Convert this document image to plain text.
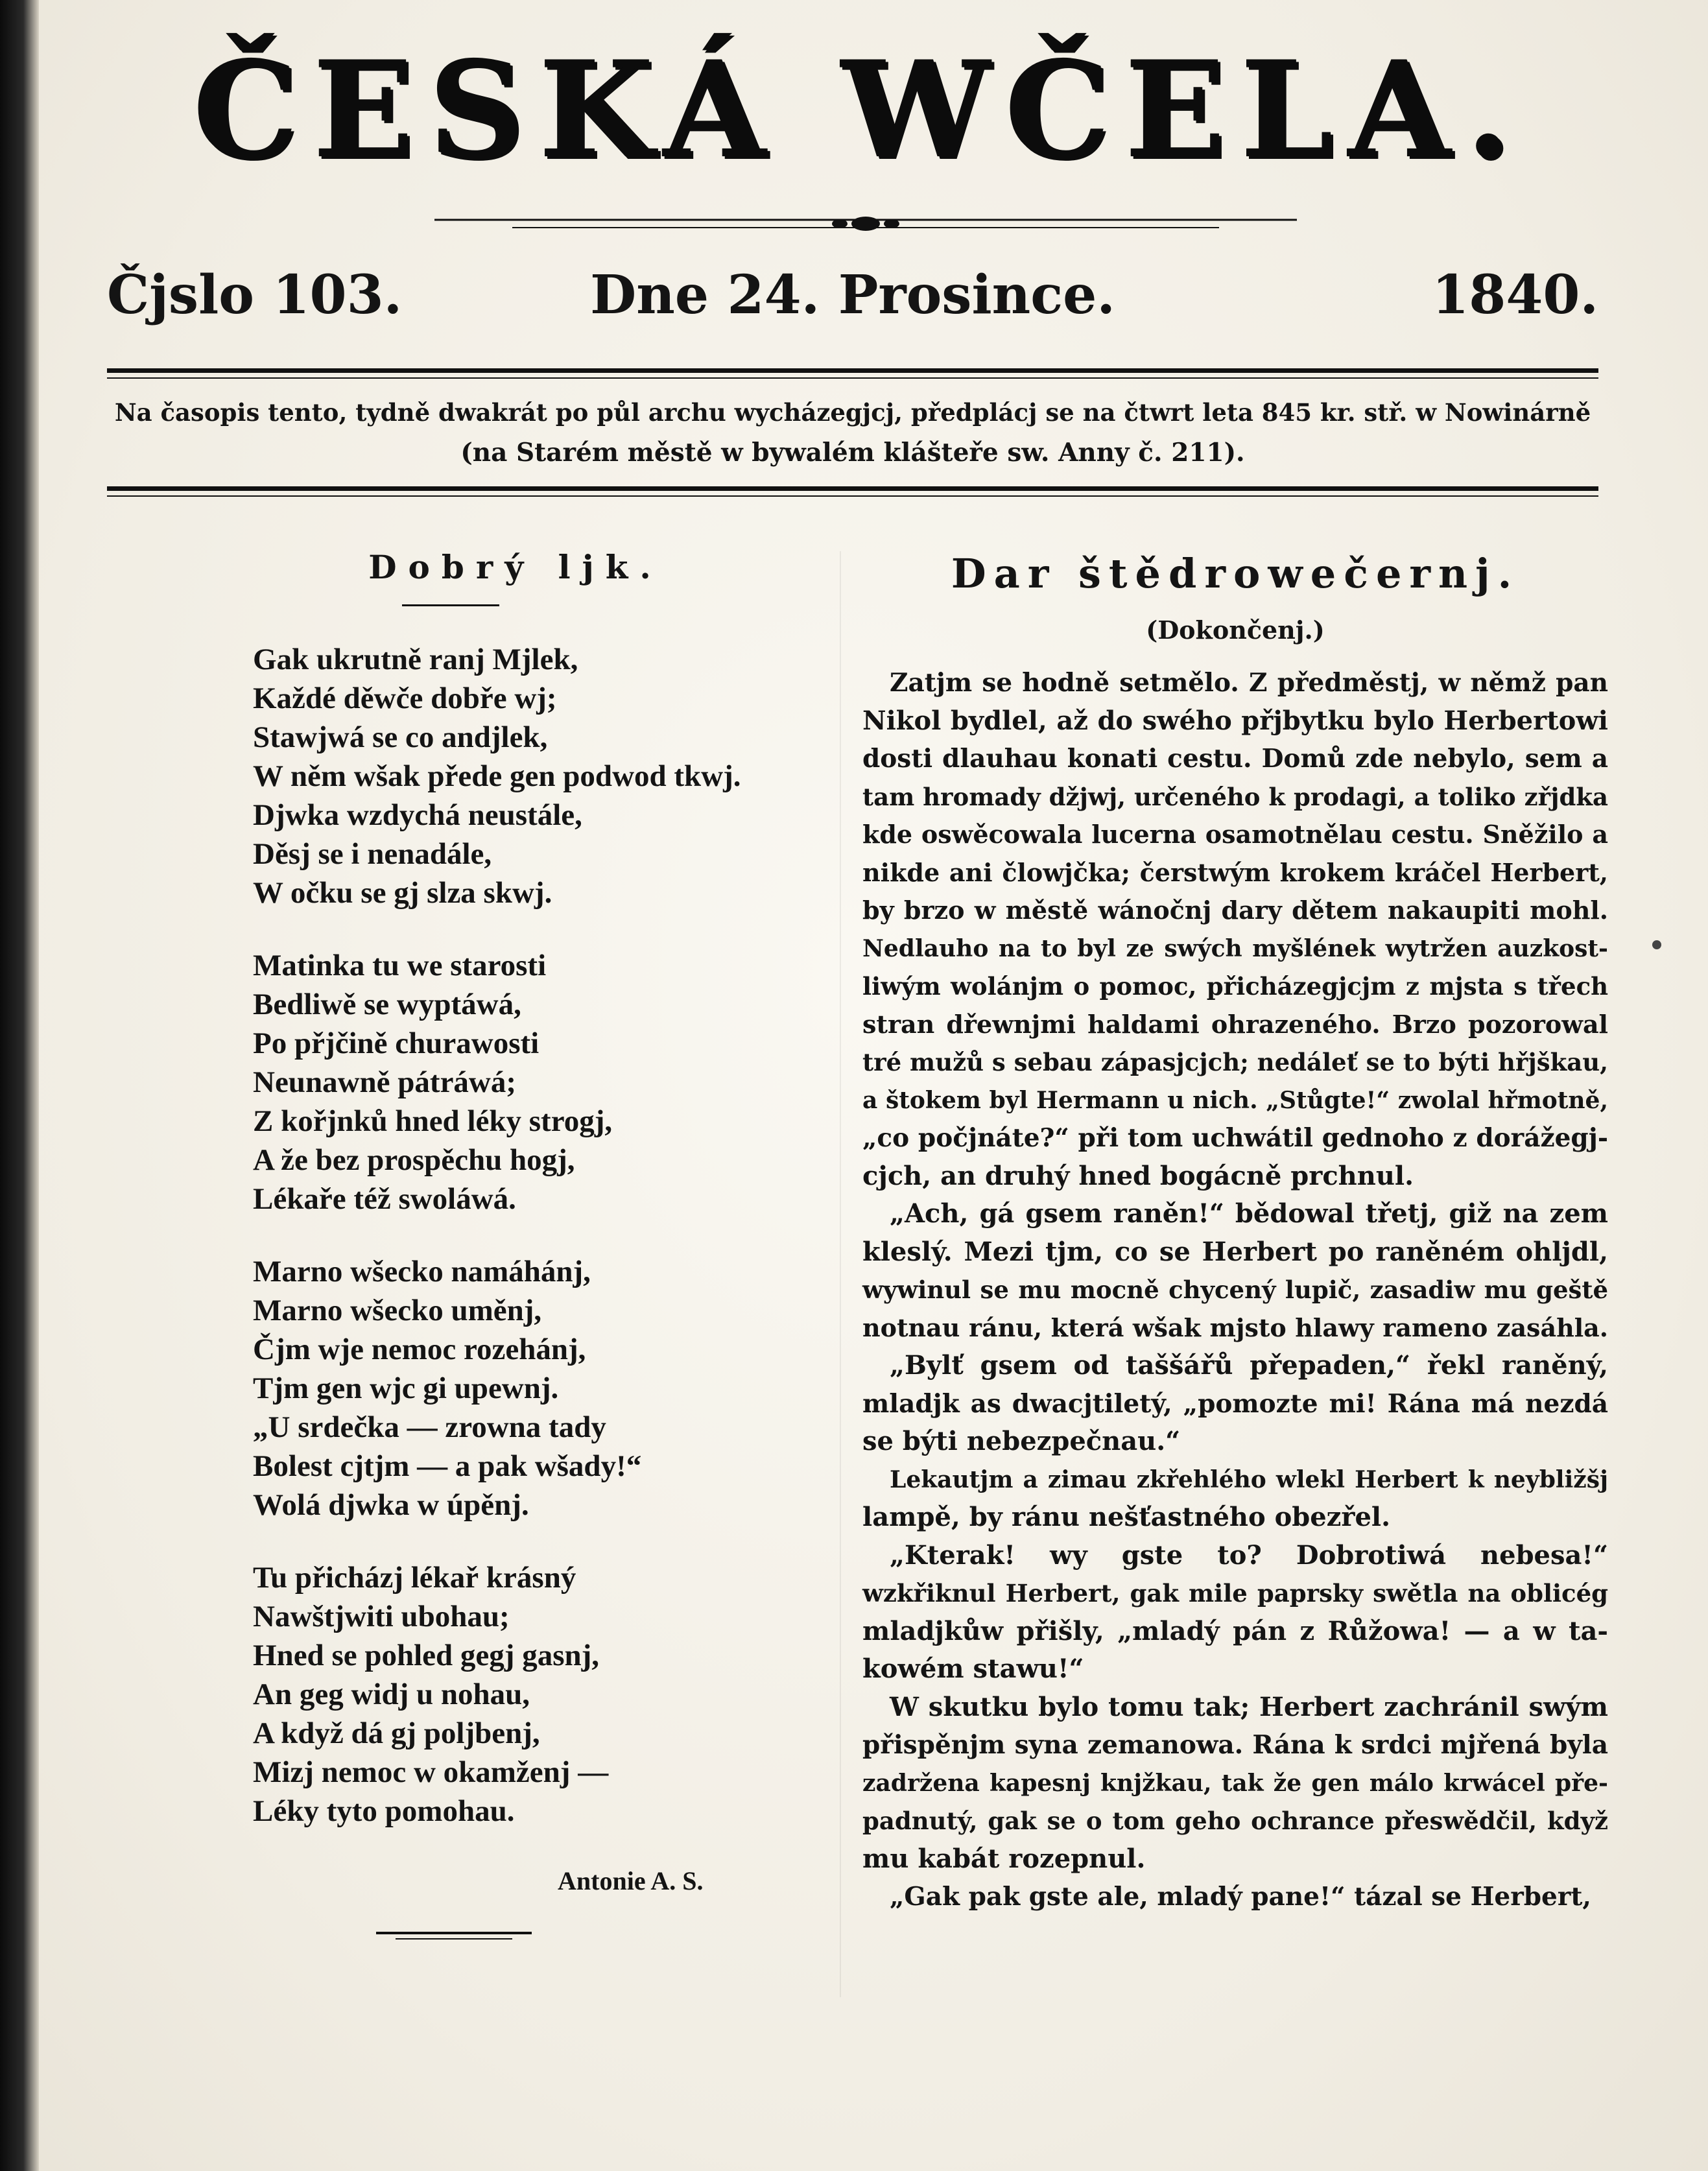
ČESKÁ WČELA.
Čjslo 103.	Dne 24. Prosince.	1840.
Na časopis tento, tydně dwakrát po půl archu wycházegjcj, předplácj se na čtwrt leta 845 kr. stř. w Nowinárně
(na Starém městě w bywalém klášteře sw. Anny č. 211).
Dobrý ljk.
Gak ukrutně ranj Mjlek,
Každé děwče dobře wj;
Stawjwá se co andjlek,
W něm wšak přede gen podwod tkwj.
Djwka wzdychá neustále,
Děsj se i nenadále,
W očku se gj slza skwj.
Matinka tu we starosti
Bedliwě se wyptáwá,
Po přjčině churawosti
Neunawně pátráwá;
Z kořjnků hned léky strogj,
A že bez prospěchu hogj,
Lékaře též swoláwá.
Marno wšecko namáhánj,
Marno wšecko uměnj,
Čjm wje nemoc rozehánj,
Tjm gen wjc gi upewnj.
„U srdečka — zrowna tady
Bolest cjtjm — a pak wšady!“
Wolá djwka w úpěnj.
Tu přicházj lékař krásný
Nawštjwiti ubohau;
Hned se pohled gegj gasnj,
An geg widj u nohau,
A když dá gj poljbenj,
Mizj nemoc w okamženj —
Léky tyto pomohau.
Antonie A. S.
Dar štědrowečernj.
(Dokončenj.)
Zatjm se hodně setmělo. Z předměstj, w němž pan
Nikol bydlel, až do swého přjbytku bylo Herbertowi
dosti dlauhau konati cestu. Domů zde nebylo, sem a
tam hromady džjwj, určeného k prodagi, a toliko zřjdka
kde oswěcowala lucerna osamotnělau cestu. Sněžilo a
nikde ani člowjčka; čerstwým krokem kráčel Herbert,
by brzo w městě wánočnj dary dětem nakaupiti mohl.
Nedlauho na to byl ze swých myšlének wytržen auzkost-
liwým wolánjm o pomoc, přicházegjcjm z mjsta s třech
stran dřewnjmi haldami ohrazeného. Brzo pozorowal
tré mužů s sebau zápasjcjch; nedáleť se to býti hřjškau,
a štokem byl Hermann u nich. „Stůgte!“ zwolal hřmotně,
„co počjnáte?“ při tom uchwátil gednoho z dorážegj-
cjch, an druhý hned bogácně prchnul.
„Ach, gá gsem raněn!“ bědowal třetj, giž na zem
kleslý. Mezi tjm, co se Herbert po raněném ohljdl,
wywinul se mu mocně chycený lupič, zasadiw mu geště
notnau ránu, která wšak mjsto hlawy rameno zasáhla.
„Bylť gsem od taššářů přepaden,“ řekl raněný,
mladjk as dwacjtiletý, „pomozte mi! Rána má nezdá
se býti nebezpečnau.“
Lekautjm a zimau zkřehlého wlekl Herbert k neybližšj
lampě, by ránu nešťastného obezřel.
„Kterak! wy gste to? Dobrotiwá nebesa!“
wzkřiknul Herbert, gak mile paprsky swětla na oblicég
mladjkůw přišly, „mladý pán z Růžowa! — a w ta-
kowém stawu!“
W skutku bylo tomu tak; Herbert zachránil swým
přispěnjm syna zemanowa. Rána k srdci mjřená byla
zadržena kapesnj knjžkau, tak že gen málo krwácel pře-
padnutý, gak se o tom geho ochrance přeswědčil, když
mu kabát rozepnul.
„Gak pak gste ale, mladý pane!“ tázal se Herbert,
